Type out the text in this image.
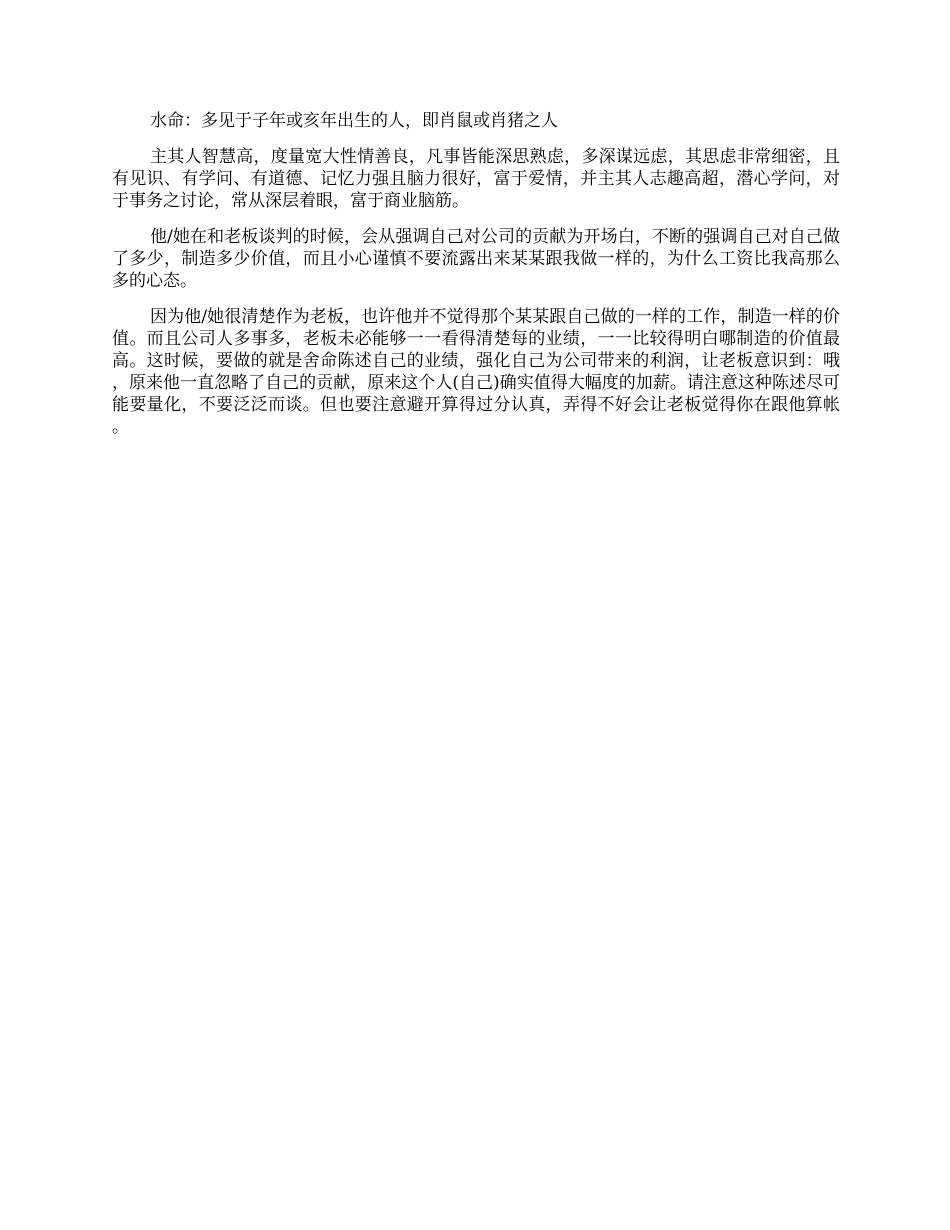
水命：多见于子年或亥年出生的人，即肖鼠或肖猪之人

主其人智慧高，度量宽大性情善良，凡事皆能深思熟虑，多深谋远虑，其思虑非常细密，且有见识、有学问、有道德、记忆力强且脑力很好，富于爱情，并主其人志趣高超，潜心学问，对于事务之讨论，常从深层着眼，富于商业脑筋。

他/她在和老板谈判的时候，会从强调自己对公司的贡献为开场白，不断的强调自己对自己做了多少，制造多少价值，而且小心谨慎不要流露出来某某跟我做一样的，为什么工资比我高那么多的心态。

因为他/她很清楚作为老板，也许他并不觉得那个某某跟自己做的一样的工作，制造一样的价值。而且公司人多事多，老板未必能够一一看得清楚每的业绩，一一比较得明白哪制造的价值最高。这时候，要做的就是舍命陈述自己的业绩，强化自己为公司带来的利润，让老板意识到：哦，原来他一直忽略了自己的贡献，原来这个人(自己)确实值得大幅度的加薪。请注意这种陈述尽可能要量化，不要泛泛而谈。但也要注意避开算得过分认真，弄得不好会让老板觉得你在跟他算帐。
